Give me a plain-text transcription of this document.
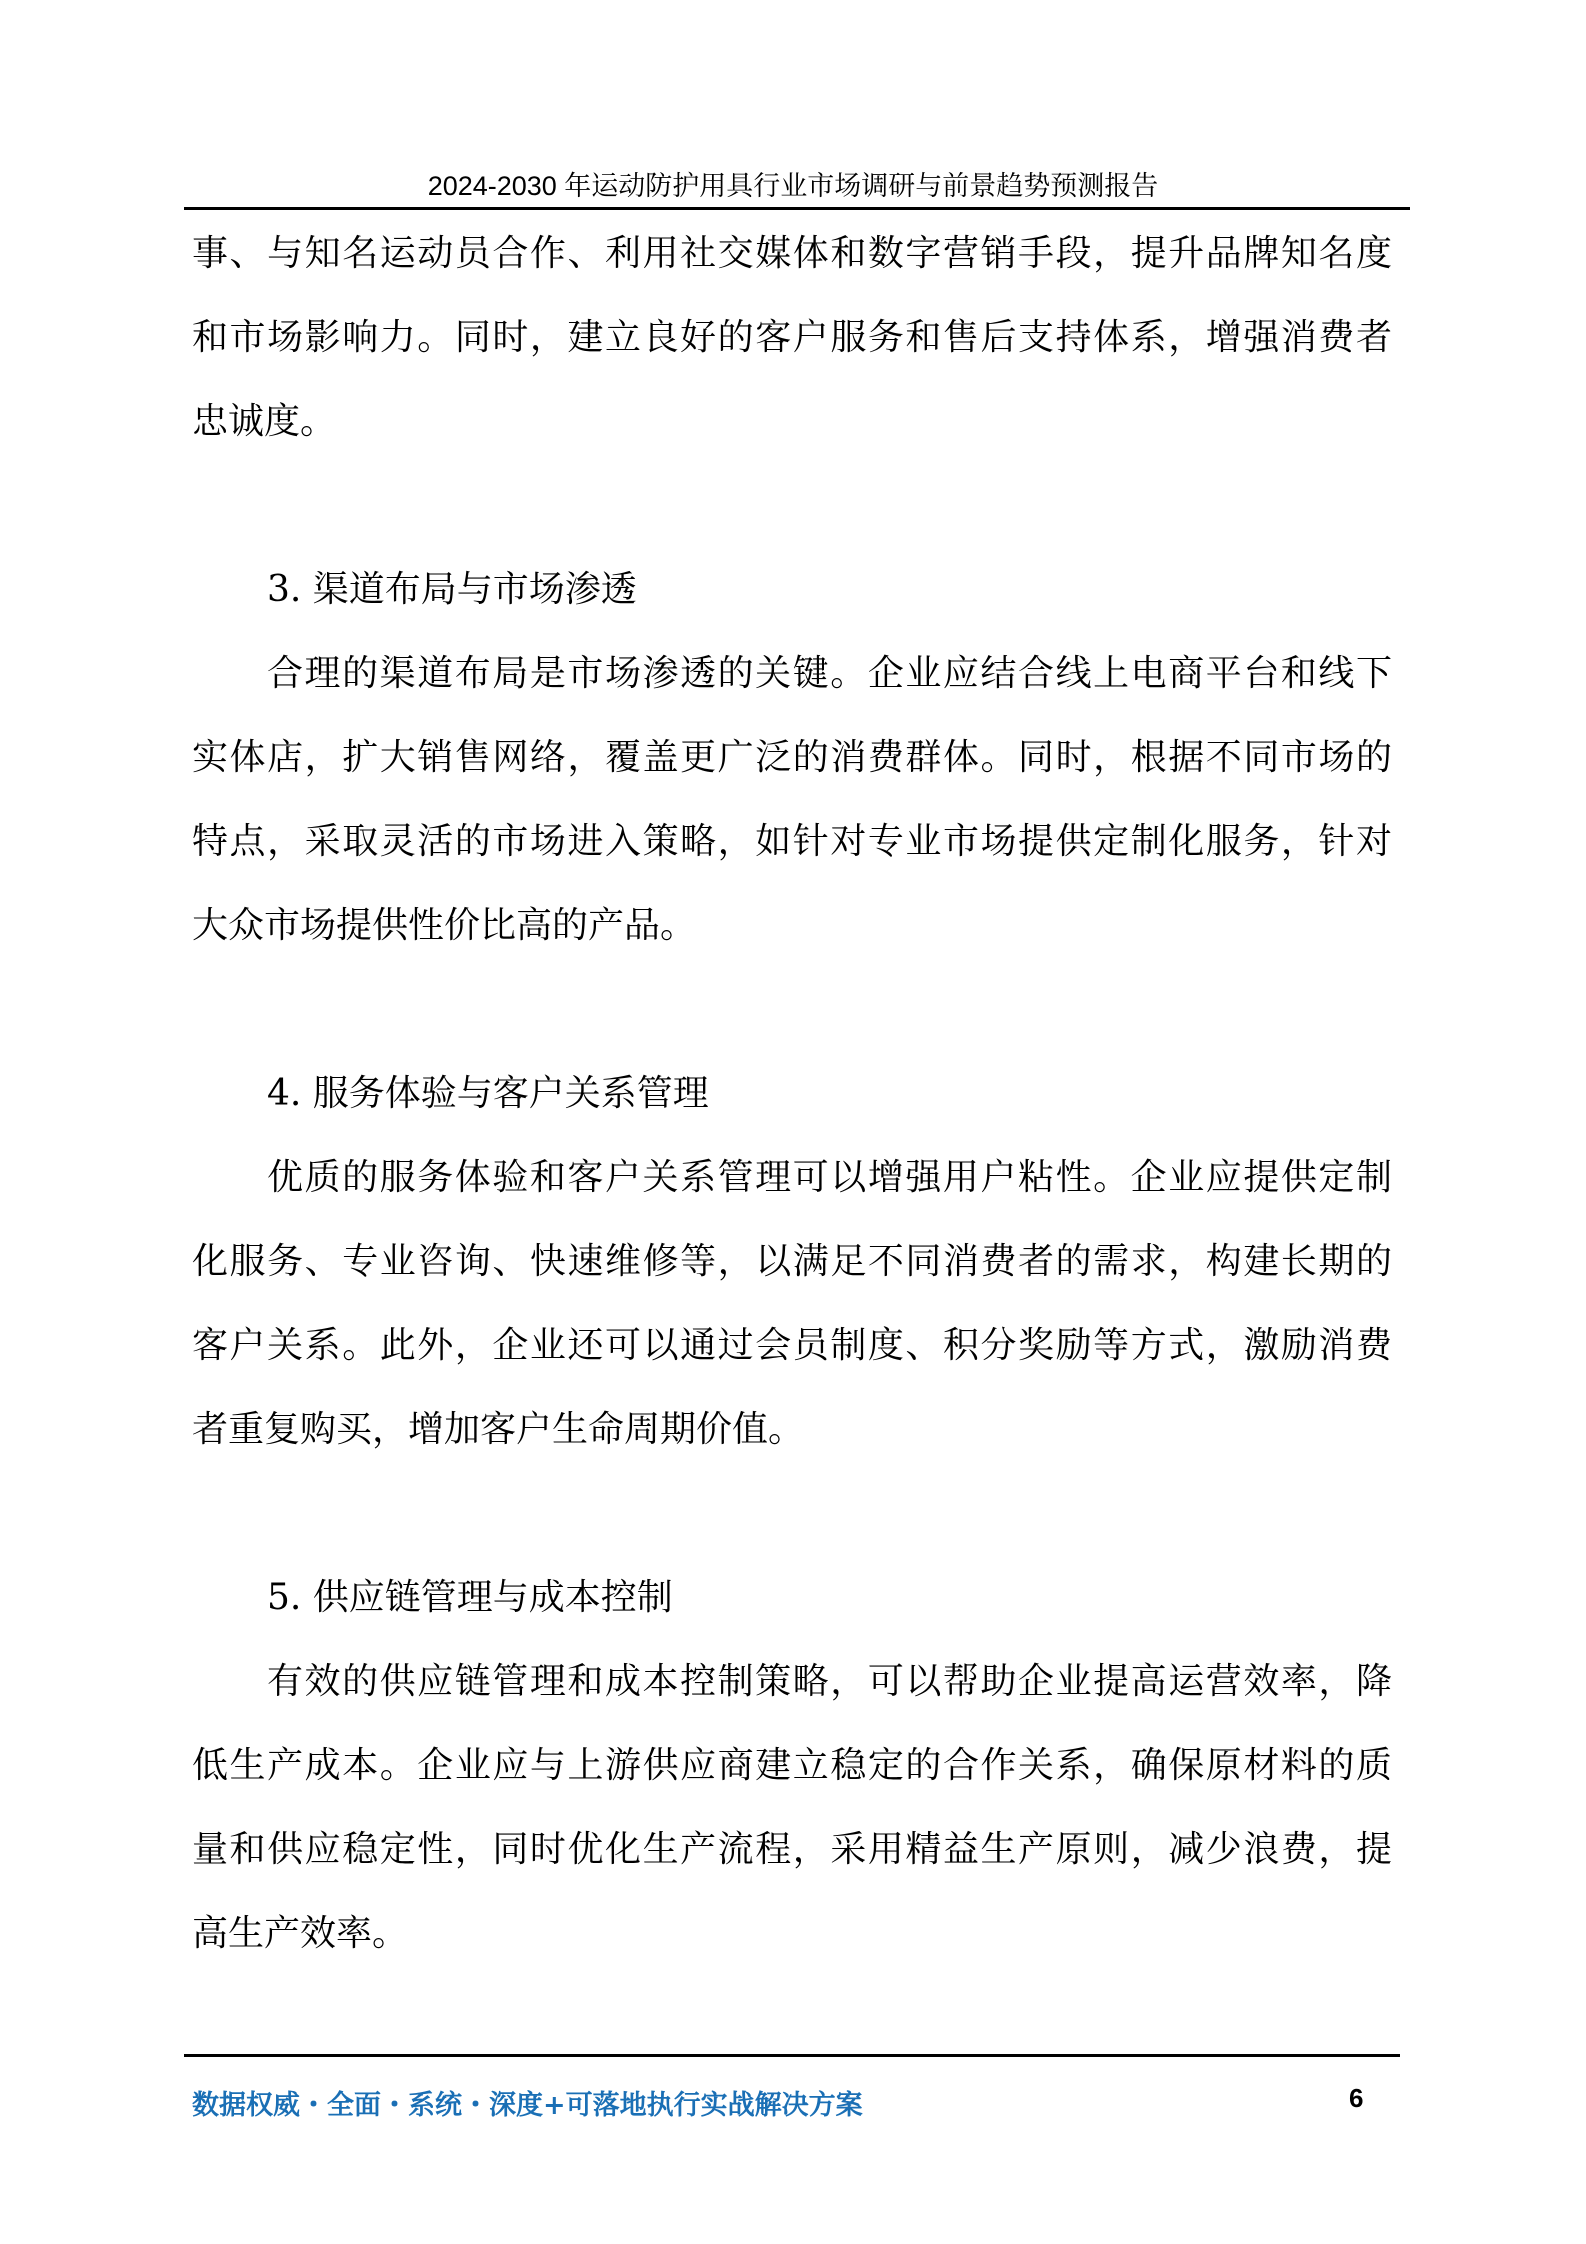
2024-2030 年运动防护用具行业市场调研与前景趋势预测报告
事、与知名运动员合作、利用社交媒体和数字营销手段，提升品牌知名度
和市场影响力。同时，建立良好的客户服务和售后支持体系，增强消费者
忠诚度。
3. 渠道布局与市场渗透
合理的渠道布局是市场渗透的关键。企业应结合线上电商平台和线下
实体店，扩大销售网络，覆盖更广泛的消费群体。同时，根据不同市场的
特点，采取灵活的市场进入策略，如针对专业市场提供定制化服务，针对
大众市场提供性价比高的产品。
4. 服务体验与客户关系管理
优质的服务体验和客户关系管理可以增强用户粘性。企业应提供定制
化服务、专业咨询、快速维修等，以满足不同消费者的需求，构建长期的
客户关系。此外，企业还可以通过会员制度、积分奖励等方式，激励消费
者重复购买，增加客户生命周期价值。
5. 供应链管理与成本控制
有效的供应链管理和成本控制策略，可以帮助企业提高运营效率，降
低生产成本。企业应与上游供应商建立稳定的合作关系，确保原材料的质
量和供应稳定性，同时优化生产流程，采用精益生产原则，减少浪费，提
高生产效率。
数据权威・全面・系统・深度+可落地执行实战解决方案	6
